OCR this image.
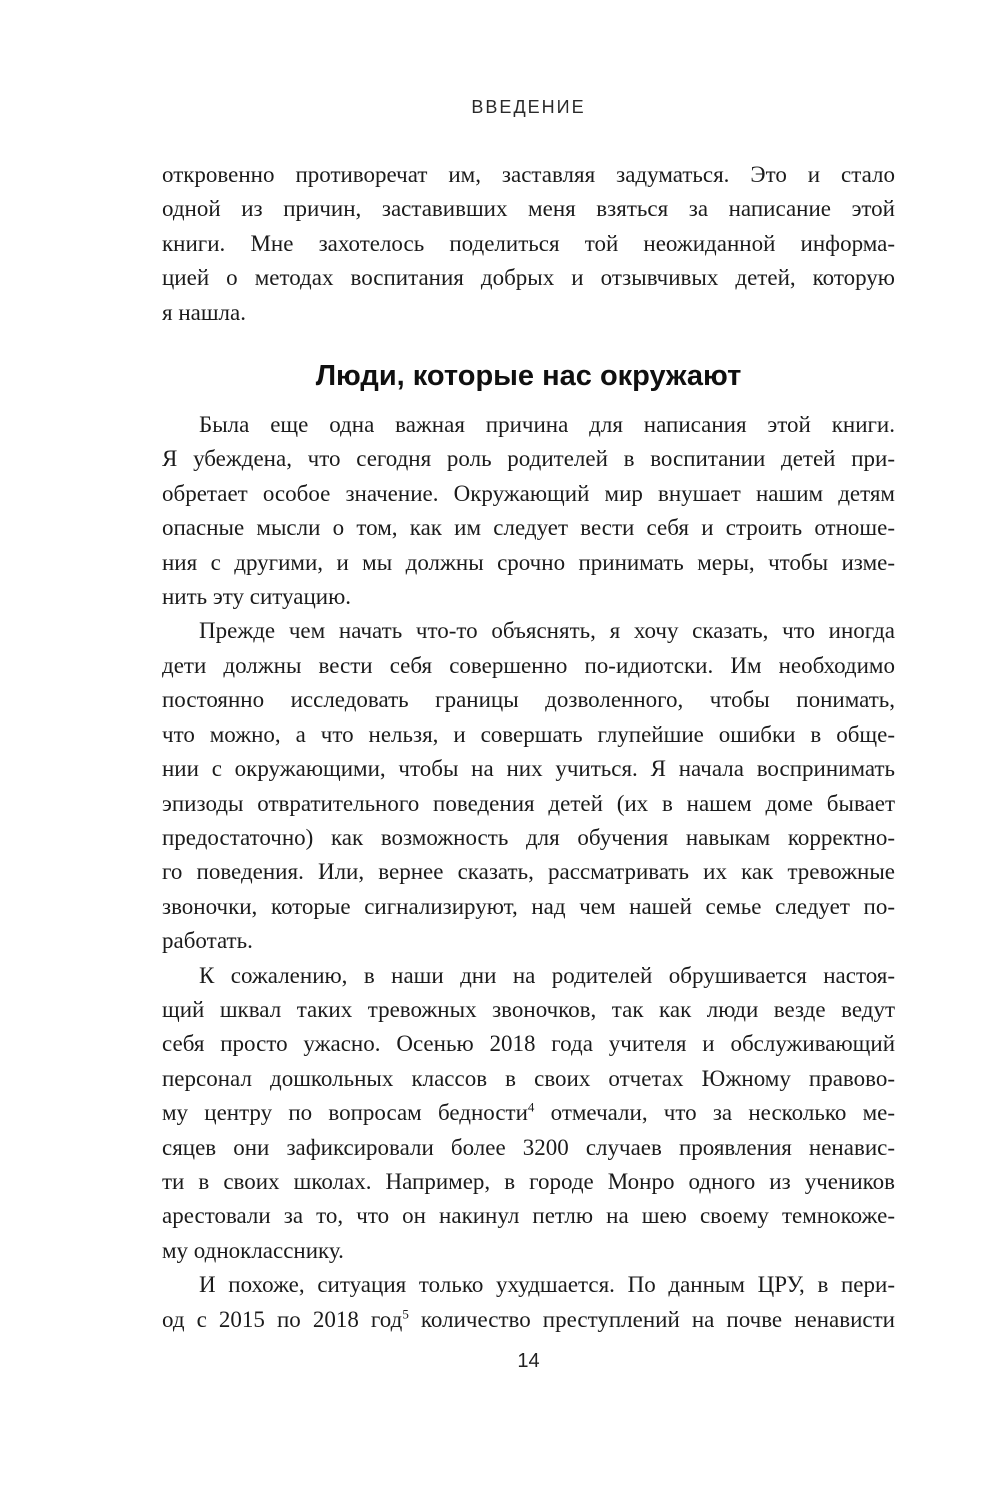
ВВЕДЕНИЕ
откровенно противоречат им, заставляя задуматься. Это и стало
одной из причин, заставивших меня взяться за написание этой
книги. Мне захотелось поделиться той неожиданной информа-
цией о методах воспитания добрых и отзывчивых детей, которую
я нашла.
Люди, которые нас окружают
Была еще одна важная причина для написания этой книги.
Я убеждена, что сегодня роль родителей в воспитании детей при-
обретает особое значение. Окружающий мир внушает нашим детям
опасные мысли о том, как им следует вести себя и строить отноше-
ния с другими, и мы должны срочно принимать меры, чтобы изме-
нить эту ситуацию.
Прежде чем начать что-то объяснять, я хочу сказать, что иногда
дети должны вести себя совершенно по-идиотски. Им необходимо
постоянно исследовать границы дозволенного, чтобы понимать,
что можно, а что нельзя, и совершать глупейшие ошибки в обще-
нии с окружающими, чтобы на них учиться. Я начала воспринимать
эпизоды отвратительного поведения детей (их в нашем доме бывает
предостаточно) как возможность для обучения навыкам корректно-
го поведения. Или, вернее сказать, рассматривать их как тревожные
звоночки, которые сигнализируют, над чем нашей семье следует по-
работать.
К сожалению, в наши дни на родителей обрушивается настоя-
щий шквал таких тревожных звоночков, так как люди везде ведут
себя просто ужасно. Осенью 2018 года учителя и обслуживающий
персонал дошкольных классов в своих отчетах Южному правово-
му центру по вопросам бедности$^4$ отмечали, что за несколько ме-
сяцев они зафиксировали более 3200 случаев проявления ненавис-
ти в своих школах. Например, в городе Монро одного из учеников
арестовали за то, что он накинул петлю на шею своему темнокоже-
му однокласснику.
И похоже, ситуация только ухудшается. По данным ЦРУ, в пери-
од с 2015 по 2018 год$^5$ количество преступлений на почве ненависти
14
